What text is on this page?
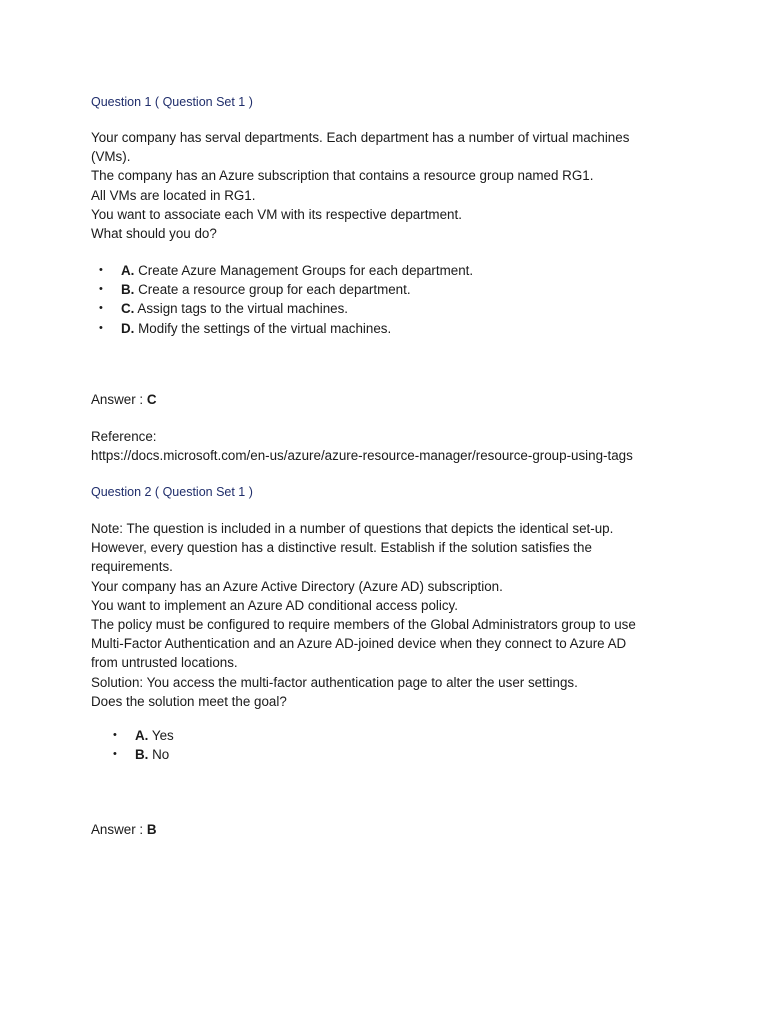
Question 1 ( Question Set 1 )
Your company has serval departments. Each department has a number of virtual machines
(VMs).
The company has an Azure subscription that contains a resource group named RG1.
All VMs are located in RG1.
You want to associate each VM with its respective department.
What should you do?
• A. Create Azure Management Groups for each department.
• B. Create a resource group for each department.
• C. Assign tags to the virtual machines.
• D. Modify the settings of the virtual machines.
Answer : C
Reference:
https://docs.microsoft.com/en-us/azure/azure-resource-manager/resource-group-using-tags
Question 2 ( Question Set 1 )
Note: The question is included in a number of questions that depicts the identical set-up.
However, every question has a distinctive result. Establish if the solution satisfies the
requirements.
Your company has an Azure Active Directory (Azure AD) subscription.
You want to implement an Azure AD conditional access policy.
The policy must be configured to require members of the Global Administrators group to use
Multi-Factor Authentication and an Azure AD-joined device when they connect to Azure AD
from untrusted locations.
Solution: You access the multi-factor authentication page to alter the user settings.
Does the solution meet the goal?
• A. Yes
• B. No
Answer : B
